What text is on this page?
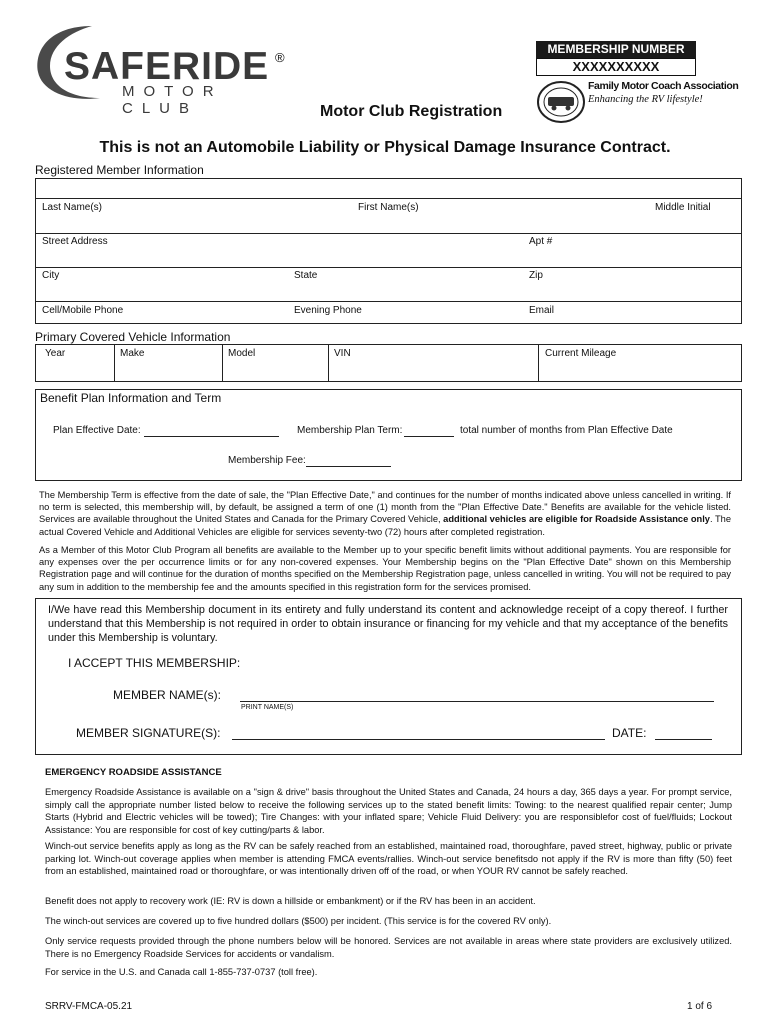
SAFERIDE ®
MOTOR CLUB
MEMBERSHIP NUMBER
XXXXXXXXXX
Family Motor Coach Association
Enhancing the RV lifestyle!
Motor Club Registration
This is not an Automobile Liability or Physical Damage Insurance Contract.
Registered Member Information
Last Name(s)	First Name(s)	Middle Initial
Street Address	Apt #
City	State	Zip
Cell/Mobile Phone	Evening Phone	Email
Primary Covered Vehicle Information
Year	Make	Model	VIN	Current Mileage
Benefit Plan Information and Term
Plan Effective Date:	Membership Plan Term:	total number of months from Plan Effective Date
Membership Fee:
The Membership Term is effective from the date of sale, the "Plan Effective Date," and continues for the number of months indicated above unless cancelled in writing. If no term is selected, this membership will, by default, be assigned a term of one (1) month from the "Plan Effective Date." Benefits are available for the vehicle listed. Services are available throughout the United States and Canada for the Primary Covered Vehicle, additional vehicles are eligible for Roadside Assistance only. The actual Covered Vehicle and Additional Vehicles are eligible for services seventy-two (72) hours after completed registration.
As a Member of this Motor Club Program all benefits are available to the Member up to your specific benefit limits without additional payments. You are responsible for any expenses over the per occurrence limits or for any non-covered expenses. Your Membership begins on the "Plan Effective Date" shown on this Membership Registration page and will continue for the duration of months specified on the Membership Registration page, unless cancelled in writing. You will not be required to pay any sum in addition to the membership fee and the amounts specified in this registration form for the services promised.
I/We have read this Membership document in its entirety and fully understand its content and acknowledge receipt of a copy thereof. I further understand that this Membership is not required in order to obtain insurance or financing for my vehicle and that my acceptance of the benefits under this Membership is voluntary.
I ACCEPT THIS MEMBERSHIP:
MEMBER NAME(s):
PRINT NAME(S)
MEMBER SIGNATURE(S):	DATE:
EMERGENCY ROADSIDE ASSISTANCE
Emergency Roadside Assistance is available on a "sign & drive" basis throughout the United States and Canada, 24 hours a day, 365 days a year. For prompt service, simply call the appropriate number listed below to receive the following services up to the stated benefit limits: Towing: to the nearest qualified repair center; Jump Starts (Hybrid and Electric vehicles will be towed); Tire Changes: with your inflated spare; Vehicle Fluid Delivery: you are responsiblefor cost of fuel/fluids; Lockout Assistance: You are responsible for cost of key cutting/parts & labor.
Winch-out service benefits apply as long as the RV can be safely reached from an established, maintained road, thoroughfare, paved street, highway, public or private parking lot. Winch-out coverage applies when member is attending FMCA events/rallies. Winch-out service benefitsdo not apply if the RV is more than fifty (50) feet from an established, maintained road or thoroughfare, or was intentionally driven off of the road, or when YOUR RV cannot be safely reached.
Benefit does not apply to recovery work (IE: RV is down a hillside or embankment) or if the RV has been in an accident.
The winch-out services are covered up to five hundred dollars ($500) per incident. (This service is for the covered RV only).
Only service requests provided through the phone numbers below will be honored. Services are not available in areas where state providers are exclusively utilized. There is no Emergency Roadside Services for accidents or vandalism.
For service in the U.S. and Canada call 1-855-737-0737 (toll free).
SRRV-FMCA-05.21	1 of 6
